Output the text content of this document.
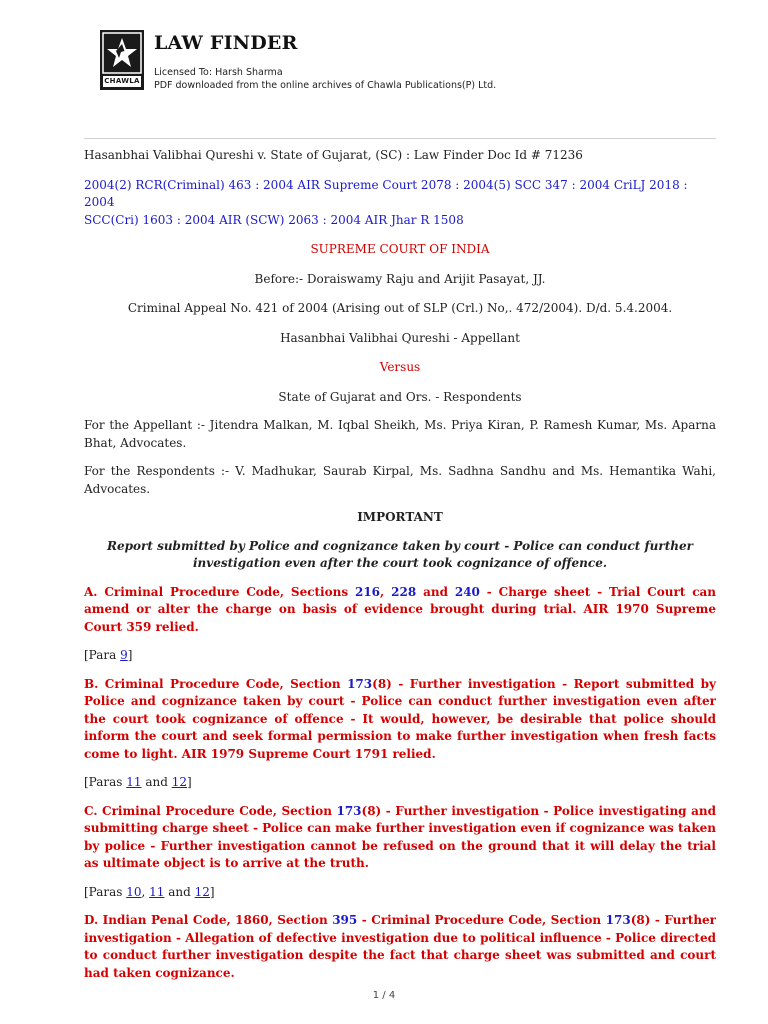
CHAWLA
LAW FINDER
Licensed To: Harsh Sharma
PDF downloaded from the online archives of Chawla Publications(P) Ltd.

Hasanbhai Valibhai Qureshi v. State of Gujarat, (SC) : Law Finder Doc Id # 71236

2004(2) RCR(Criminal) 463 : 2004 AIR Supreme Court 2078 : 2004(5) SCC 347 : 2004 CriLJ 2018 : 2004
SCC(Cri) 1603 : 2004 AIR (SCW) 2063 : 2004 AIR Jhar R 1508

SUPREME COURT OF INDIA

Before:- Doraiswamy Raju and Arijit Pasayat, JJ.

Criminal Appeal No. 421 of 2004 (Arising out of SLP (Crl.) No,. 472/2004). D/d. 5.4.2004.

Hasanbhai Valibhai Qureshi - Appellant

Versus

State of Gujarat and Ors. - Respondents

For the Appellant :- Jitendra Malkan, M. Iqbal Sheikh, Ms. Priya Kiran, P. Ramesh Kumar, Ms. Aparna Bhat, Advocates.

For the Respondents :- V. Madhukar, Saurab Kirpal, Ms. Sadhna Sandhu and Ms. Hemantika Wahi, Advocates.

IMPORTANT

Report submitted by Police and cognizance taken by court - Police can conduct further investigation even after the court took cognizance of offence.

A. Criminal Procedure Code, Sections 216, 228 and 240 - Charge sheet - Trial Court can amend or alter the charge on basis of evidence brought during trial. AIR 1970 Supreme Court 359 relied.

[Para 9]

B. Criminal Procedure Code, Section 173(8) - Further investigation - Report submitted by Police and cognizance taken by court - Police can conduct further investigation even after the court took cognizance of offence - It would, however, be desirable that police should inform the court and seek formal permission to make further investigation when fresh facts come to light. AIR 1979 Supreme Court 1791 relied.

[Paras 11 and 12]

C. Criminal Procedure Code, Section 173(8) - Further investigation - Police investigating and submitting charge sheet - Police can make further investigation even if cognizance was taken by police - Further investigation cannot be refused on the ground that it will delay the trial as ultimate object is to arrive at the truth.

[Paras 10, 11 and 12]

D. Indian Penal Code, 1860, Section 395 - Criminal Procedure Code, Section 173(8) - Further investigation - Allegation of defective investigation due to political influence - Police directed to conduct further investigation despite the fact that charge sheet was submitted and court had taken cognizance.

1 / 4
